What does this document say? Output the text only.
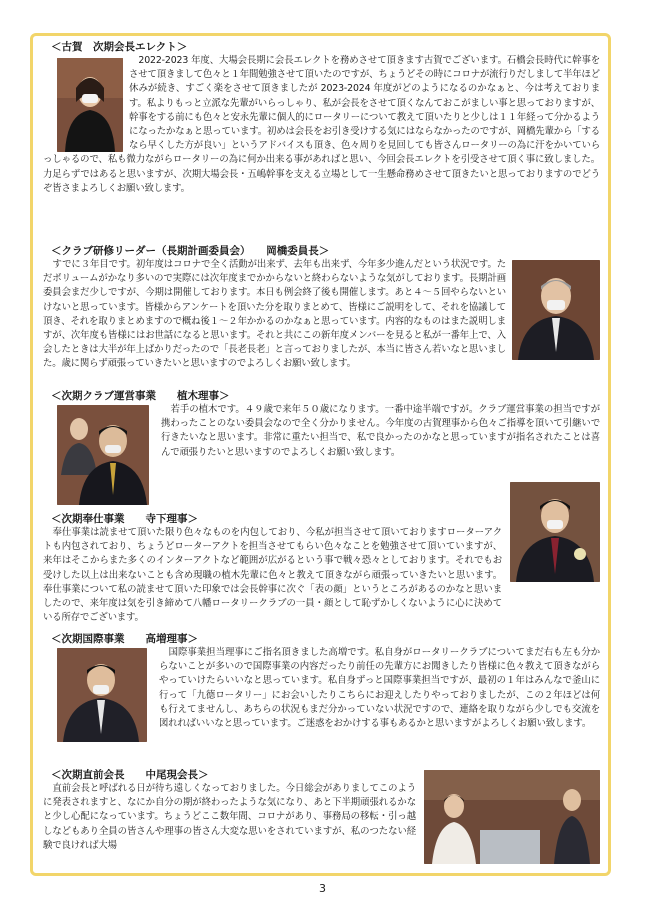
＜古賀　次期会長エレクト＞
2022-2023 年度、大場会長期に会長エレクトを務めさせて頂きます古賀でございます。石橋会長時代に幹事をさせて頂きまして色々と１年間勉強させて頂いたのですが、ちょうどその時にコロナが流行りだしまして半年ほど休みが続き、すごく楽をさせて頂きましたが 2023-2024 年度がどのようになるのかなぁと、今は考えております。私よりもっと立派な先輩がいらっしゃり、私が会長をさせて頂くなんておこがましい事と思っておりますが、幹事をする前にも色々と安永先輩に個人的にロータリーについて教えて頂いたりと少しは１１年経って分かるようになったかなぁと思っています。初めは会長をお引き受けする気にはならなかったのですが、岡橋先輩から「するなら早くした方が良い」というアドバイスも頂き、色々周りを見回しても皆さんロータリーの為に汗をかいていらっしゃるので、私も微力ながらロータリーの為に何か出来る事があればと思い、今回会長エレクトを引受させて頂く事に致しました。力足らずではあると思いますが、次期大場会長・五嶋幹事を支える立場として一生懸命務めさせて頂きたいと思っておりますのでどうぞ皆さまよろしくお願い致します。
＜クラブ研修リーダー（長期計画委員会）　　岡橋委員長＞
すでに３年目です。初年度はコロナで全く活動が出来ず、去年も出来ず、今年多少進んだという状況です。ただボリュームがかなり多いので実際には次年度までかからないと終わらないような気がしております。長期計画委員会まだ少しですが、今期は開催しております。本日も例会終了後も開催します。あと４～５回やらないといけないと思っています。皆様からアンケートを頂いた分を取りまとめて、皆様にご説明をして、それを協議して頂き、それを取りまとめますので概ね後１～２年かかるのかなぁと思っています。内容的なものはまた説明しますが、次年度も皆様にはお世話になると思います。それと共にこの新年度メンバーを見ると私が一番年上で、入会したときは大半が年上ばかりだったので「長老長老」と言っておりましたが、本当に皆さん若いなと思いました。歳に関らず頑張っていきたいと思いますのでよろしくお願い致します。
＜次期クラブ運営事業　　植木理事＞
若手の植木です。４９歳で来年５０歳になります。一番中途半端ですが。クラブ運営事業の担当ですが携わったことのない委員会なので全く分かりません。今年度の古賀理事から色々ご指導を頂いて引継いで行きたいなと思います。非常に重たい担当で、私で良かったのかなと思っていますが指名されたことは喜んで頑張りたいと思いますのでよろしくお願い致します。
＜次期奉仕事業　　寺下理事＞
奉仕事業は読ませて頂いた限り色々なものを内包しており、今私が担当させて頂いておりますローターアクトも内包されており、ちょうどローターアクトを担当させてもらい色々なことを勉強させて頂いていますが、来年はそこからまた多くのインターアクトなど範囲が広がるという事で戦々恐々としております。それでもお受けした以上は出来ないことも含め現職の植木先輩に色々と教えて頂きながら頑張っていきたいと思います。奉仕事業について私の読ませて頂いた印象では会長幹事に次ぐ「表の顔」というところがあるのかなと思いましたので、来年度は気を引き締めて八幡ロータリークラブの一員・顔として恥ずかしくないように心に決めている所存でございます。
＜次期国際事業　　高増理事＞
国際事業担当理事にご指名頂きました高増です。私自身がロータリークラブについてまだ右も左も分からないことが多いので国際事業の内容だったり前任の先輩方にお聞きしたり皆様に色々教えて頂きながらやっていけたらいいなと思っています。私自身ずっと国際事業担当ですが、最初の１年はみんなで釜山に行って「九德ロータリー」にお会いしたりこちらにお迎えしたりやっておりましたが、この２年ほどは何も行えてませんし、あちらの状況もまだ分かっていない状況ですので、連絡を取りながら少しでも交流を図れればいいなと思っています。ご迷惑をおかけする事もあるかと思いますがよろしくお願い致します。
＜次期直前会長　　中尾現会長＞
直前会長と呼ばれる日が待ち遠しくなっておりました。今日総会がありましてこのように発表されますと、なにか自分の期が終わったような気になり、あと下半期頑張れるかなと少し心配になっています。ちょうどここ数年間、コロナがあり、事務局の移転・引っ越しなどもあり全員の皆さんや理事の皆さん大変な思いをされていますが、私のつたない経験で良ければ大場
3
